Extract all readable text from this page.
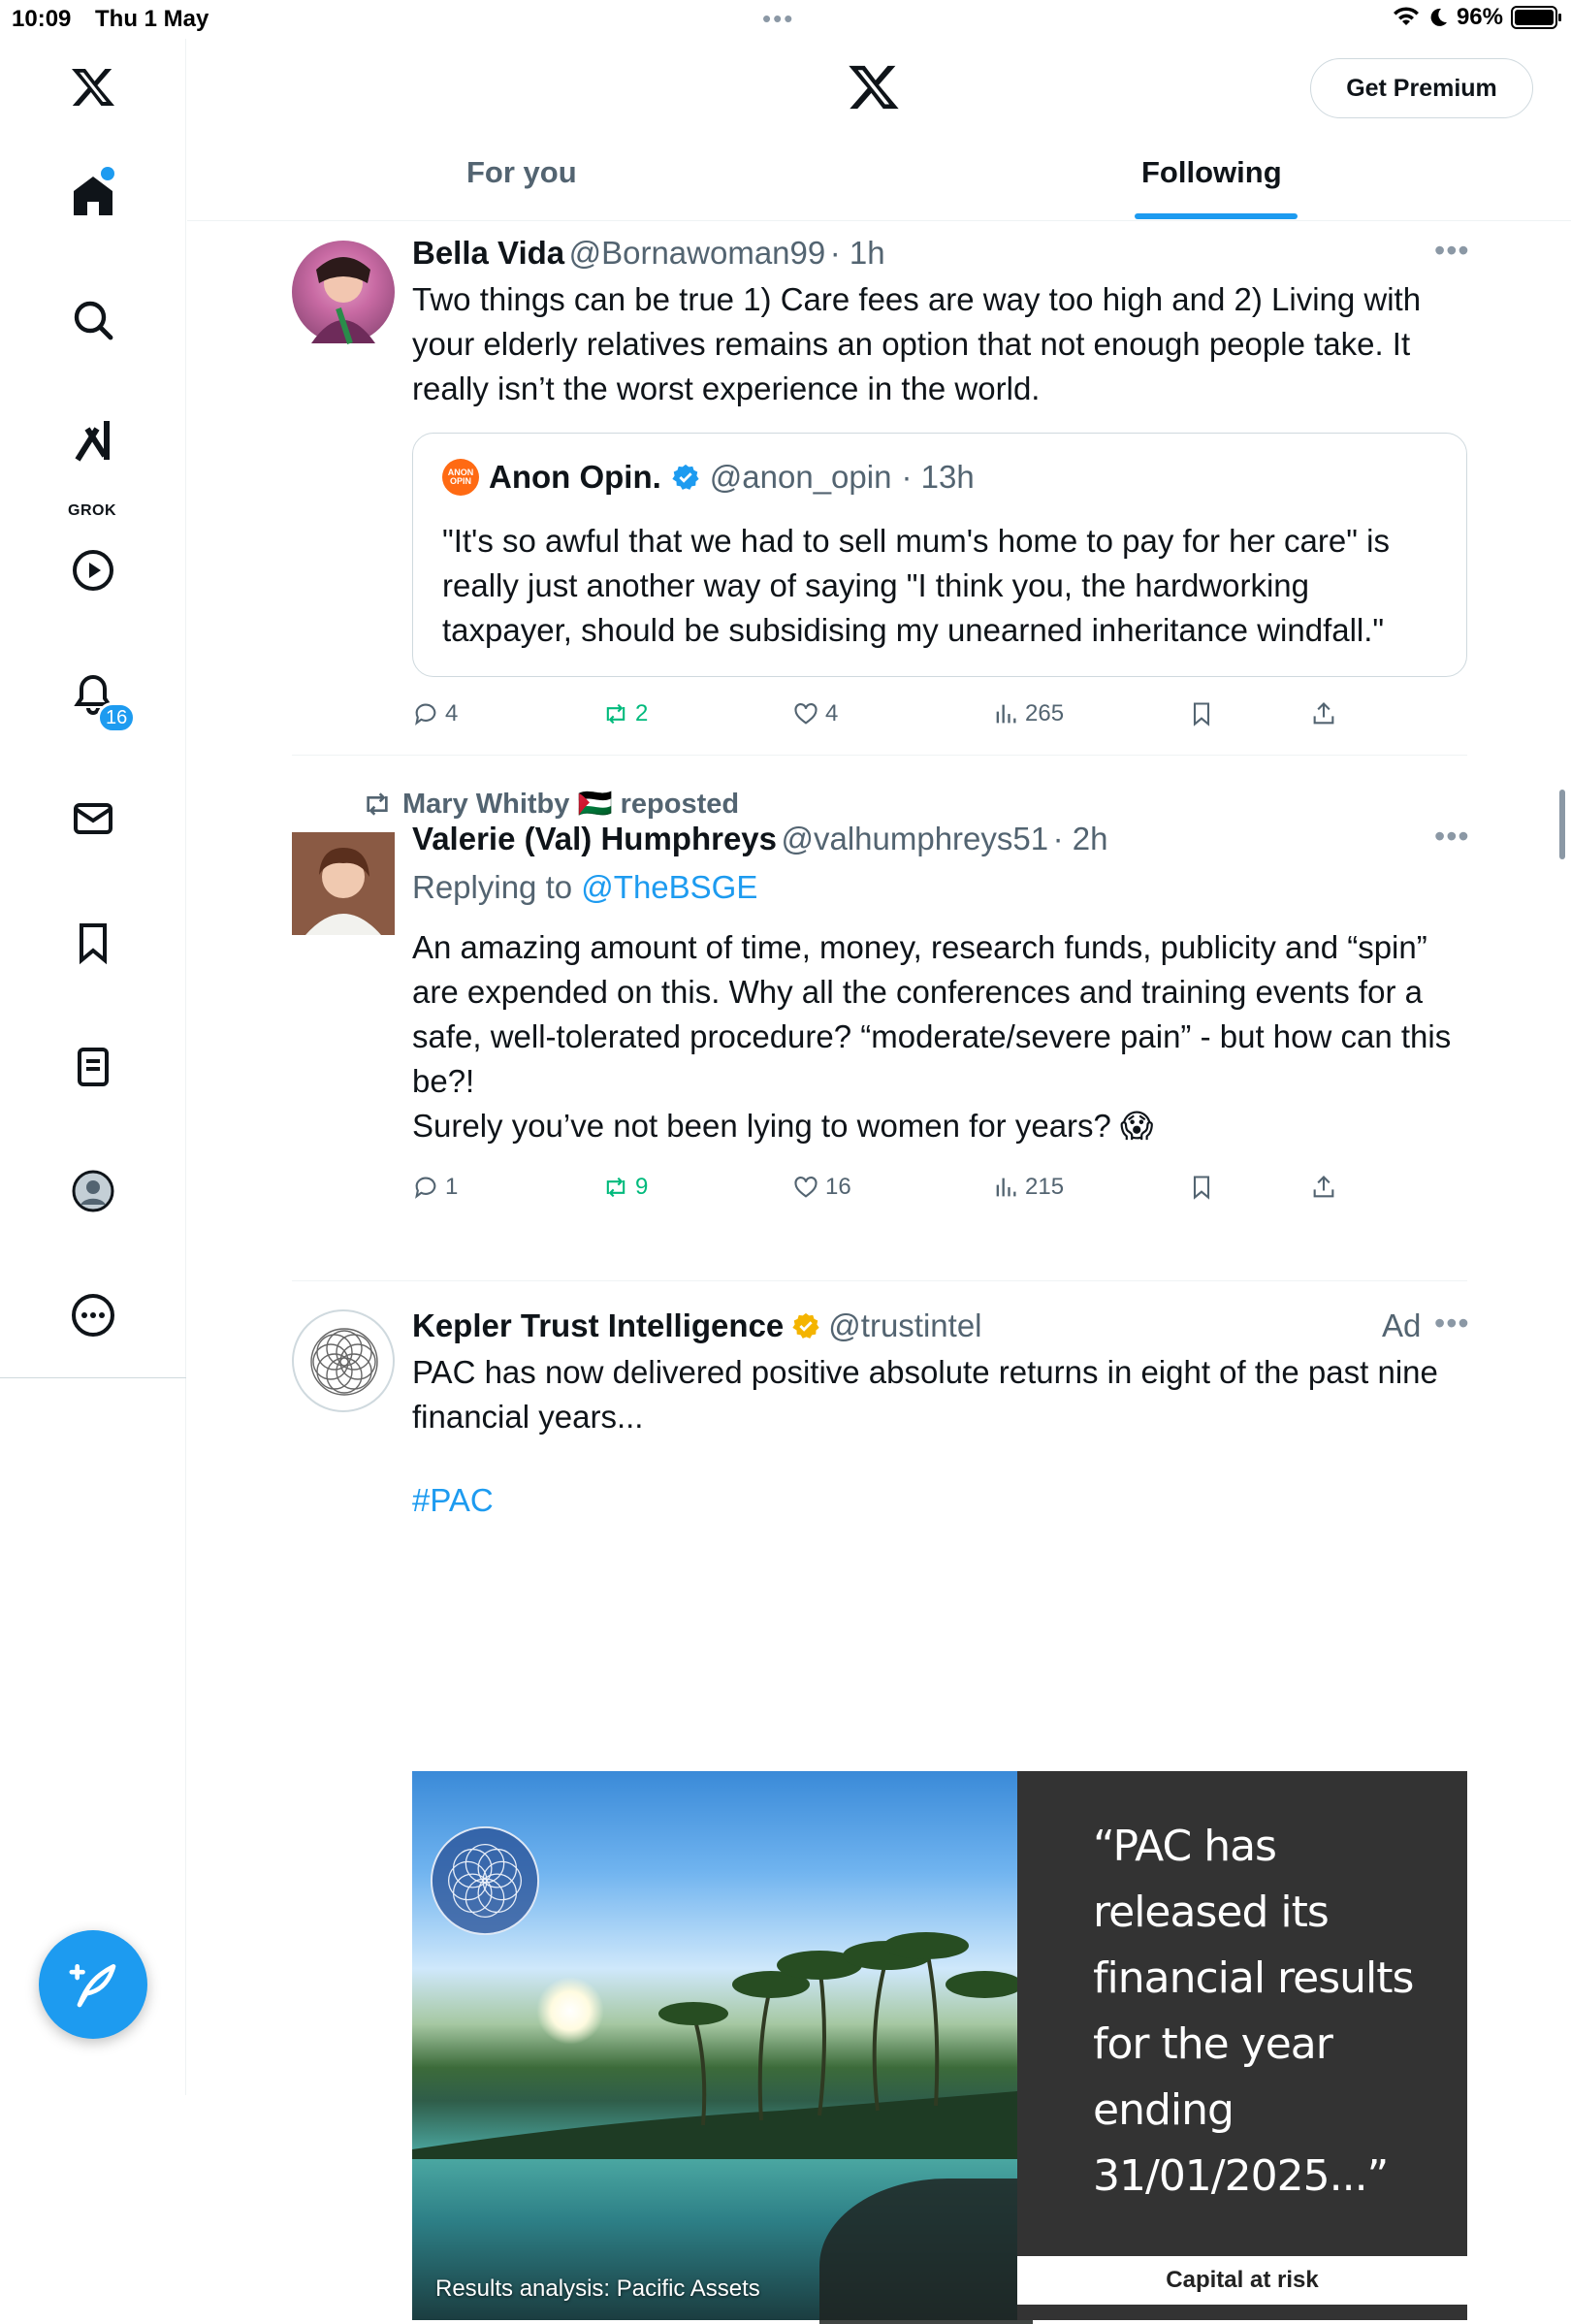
10:09 Thu 1 May	•••	96%
GROK
16
Get Premium
For you	Following
Bella Vida @Bornawoman99 · 1h	•••
Two things can be true 1) Care fees are way too high and 2) Living with your elderly relatives remains an option that not enough people take. It really isn’t the worst experience in the world.
ANON OPIN Anon Opin. @anon_opin · 13h
"It's so awful that we had to sell mum's home to pay for her care" is really just another way of saying "I think you, the hardworking taxpayer, should be subsidising my unearned inheritance windfall."
4	2	4	265
Mary Whitby 🇵🇸 reposted
Valerie (Val) Humphreys @valhumphreys51 · 2h	•••
Replying to @TheBSGE
An amazing amount of time, money, research funds, publicity and “spin” are expended on this. Why all the conferences and training events for a safe, well-tolerated procedure? “moderate/severe pain” - but how can this be?!
Surely you’ve not been lying to women for years? 😱
1	9	16	215
Kepler Trust Intelligence @trustintel	Ad •••
PAC has now delivered positive absolute returns in eight of the past nine financial years...
#PAC
Results analysis: Pacific Assets
“PAC has released its financial results for the year ending 31/01/2025...”
Capital at risk
